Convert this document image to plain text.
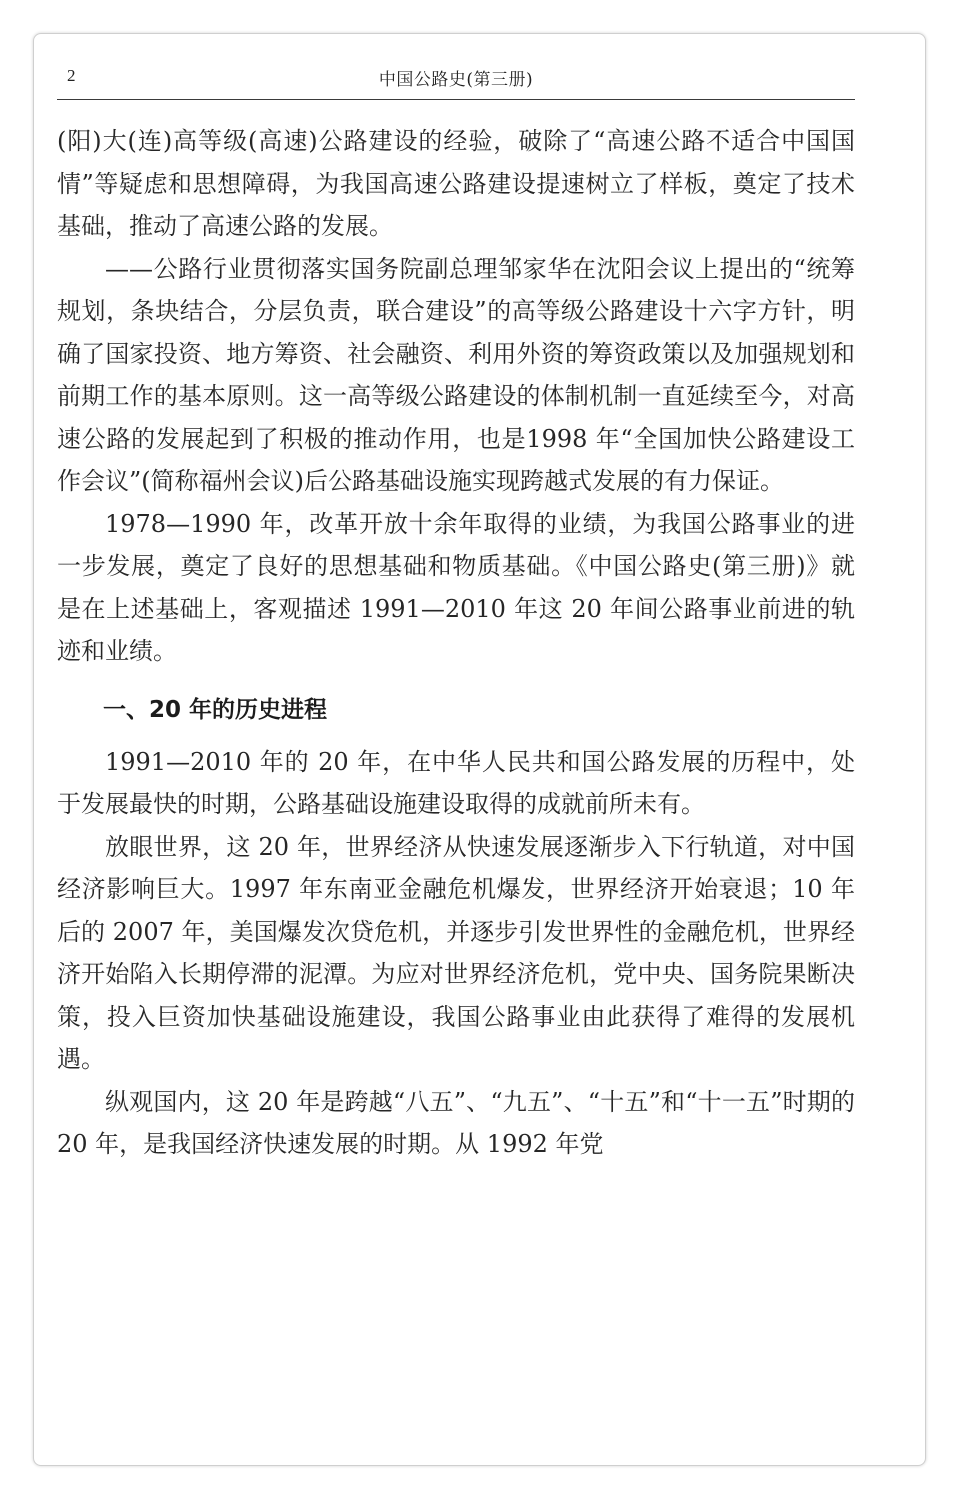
2	中国公路史(第三册)

(阳)大(连)高等级(高速)公路建设的经验，破除了“高速公路不适合中国国情”等疑虑和思想障碍，为我国高速公路建设提速树立了样板，奠定了技术基础，推动了高速公路的发展。

——公路行业贯彻落实国务院副总理邹家华在沈阳会议上提出的“统筹规划，条块结合，分层负责，联合建设”的高等级公路建设十六字方针，明确了国家投资、地方筹资、社会融资、利用外资的筹资政策以及加强规划和前期工作的基本原则。这一高等级公路建设的体制机制一直延续至今，对高速公路的发展起到了积极的推动作用，也是1998 年“全国加快公路建设工作会议”(简称福州会议)后公路基础设施实现跨越式发展的有力保证。

1978—1990 年，改革开放十余年取得的业绩，为我国公路事业的进一步发展，奠定了良好的思想基础和物质基础。《中国公路史(第三册)》就是在上述基础上，客观描述 1991—2010 年这 20 年间公路事业前进的轨迹和业绩。

一、20 年的历史进程

1991—2010 年的 20 年，在中华人民共和国公路发展的历程中，处于发展最快的时期，公路基础设施建设取得的成就前所未有。

放眼世界，这 20 年，世界经济从快速发展逐渐步入下行轨道，对中国经济影响巨大。1997 年东南亚金融危机爆发，世界经济开始衰退；10 年后的 2007 年，美国爆发次贷危机，并逐步引发世界性的金融危机，世界经济开始陷入长期停滞的泥潭。为应对世界经济危机，党中央、国务院果断决策，投入巨资加快基础设施建设，我国公路事业由此获得了难得的发展机遇。

纵观国内，这 20 年是跨越“八五”、“九五”、“十五”和“十一五”时期的 20 年，是我国经济快速发展的时期。从 1992 年党
